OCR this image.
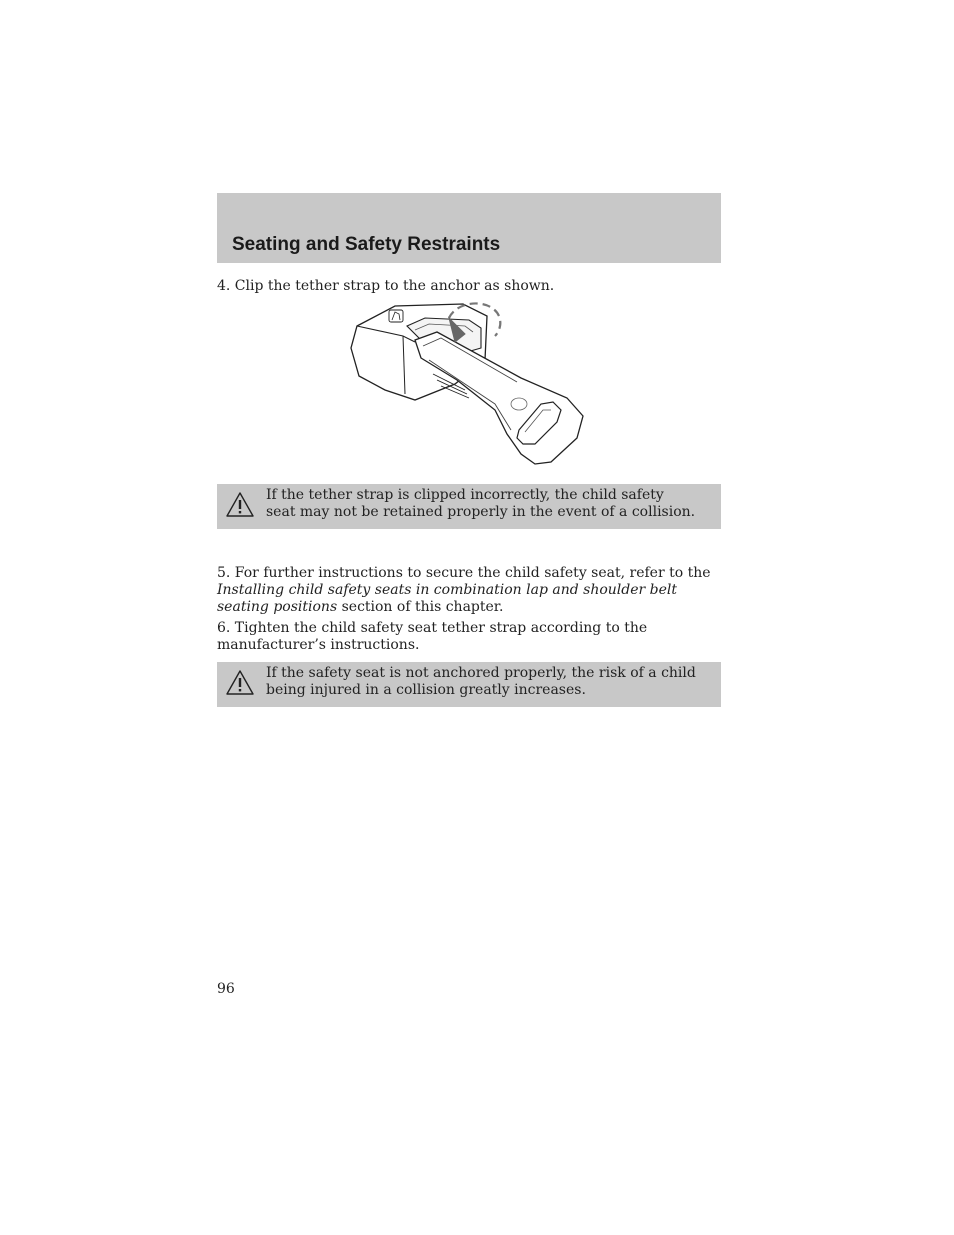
Seating and Safety Restraints

4. Clip the tether strap to the anchor as shown.

If the tether strap is clipped incorrectly, the child safety seat may not be retained properly in the event of a collision.

5. For further instructions to secure the child safety seat, refer to the Installing child safety seats in combination lap and shoulder belt seating positions section of this chapter.

6. Tighten the child safety seat tether strap according to the manufacturer’s instructions.

If the safety seat is not anchored properly, the risk of a child being injured in a collision greatly increases.

96
